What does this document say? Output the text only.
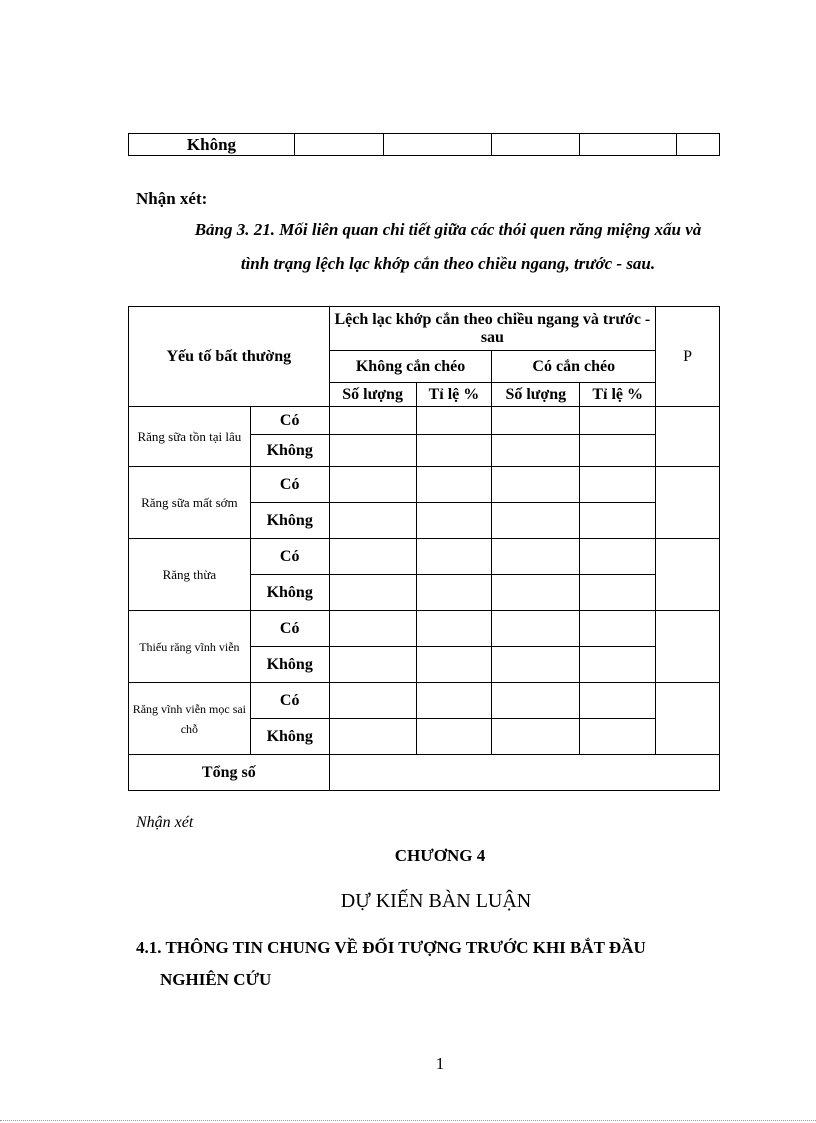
Không					
Nhận xét:
Bảng 3. 21. Mối liên quan chi tiết giữa các thói quen răng miệng xấu và
tình trạng lệch lạc khớp cắn theo chiều ngang, trước - sau.
Yếu tố bất thường		Lệch lạc khớp cắn theo chiều ngang và trước - sau				P
		Không cắn chéo		Có cắn chéo		
		Số lượng	Tỉ lệ %	Số lượng	Tỉ lệ %	
Răng sữa tồn tại lâu	Có					
	Không					
Răng sữa mất sớm	Có					
	Không					
Răng thừa	Có					
	Không					
Thiếu răng vĩnh viễn	Có					
	Không					
Răng vĩnh viễn mọc sai chỗ	Có					
	Không					
Tổng số						
Nhận xét
CHƯƠNG 4
DỰ KIẾN BÀN LUẬN
4.1. THÔNG TIN CHUNG VỀ ĐỐI TƯỢNG TRƯỚC KHI BẮT ĐẦU
NGHIÊN CỨU
1
